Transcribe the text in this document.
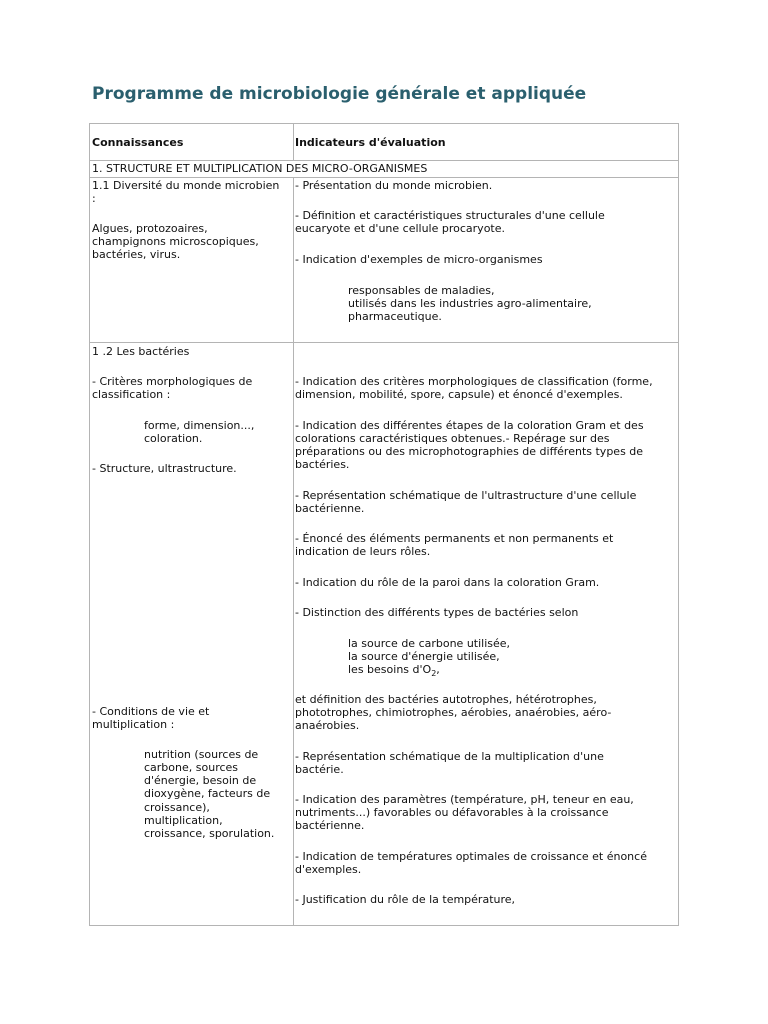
Programme de microbiologie générale et appliquée

Connaissances	Indicateurs d'évaluation

1. STRUCTURE ET MULTIPLICATION DES MICRO-ORGANISMES

1.1 Diversité du monde microbien

:

Algues, protozoaires,

champignons microscopiques,

bactéries, virus.

- Présentation du monde microbien.

- Définition et caractéristiques structurales d'une cellule

eucaryote et d'une cellule procaryote.

- Indication d'exemples de micro-organismes

responsables de maladies,

utilisés dans les industries agro-alimentaire,

pharmaceutique.

1 .2 Les bactéries

- Critères morphologiques de

classification :

forme, dimension...,

coloration.

- Structure, ultrastructure.

- Conditions de vie et

multiplication :

nutrition (sources de

carbone, sources

d'énergie, besoin de

dioxygène, facteurs de

croissance),

multiplication,

croissance, sporulation.

- Indication des critères morphologiques de classification (forme,

dimension, mobilité, spore, capsule) et énoncé d'exemples.

- Indication des différentes étapes de la coloration Gram et des

colorations caractéristiques obtenues.- Repérage sur des

préparations ou des microphotographies de différents types de

bactéries.

- Représentation schématique de l'ultrastructure d'une cellule

bactérienne.

- Énoncé des éléments permanents et non permanents et

indication de leurs rôles.

- Indication du rôle de la paroi dans la coloration Gram.

- Distinction des différents types de bactéries selon

la source de carbone utilisée,

la source d'énergie utilisée,

les besoins $d'O_2$,

et définition des bactéries autotrophes, hétérotrophes,

phototrophes, chimiotrophes, aérobies, anaérobies, aéro-

anaérobies.

- Représentation schématique de la multiplication d'une

bactérie.

- Indication des paramètres (température, pH, teneur en eau,

nutriments...) favorables ou défavorables à la croissance

bactérienne.

- Indication de températures optimales de croissance et énoncé

d'exemples.

- Justification du rôle de la température,
